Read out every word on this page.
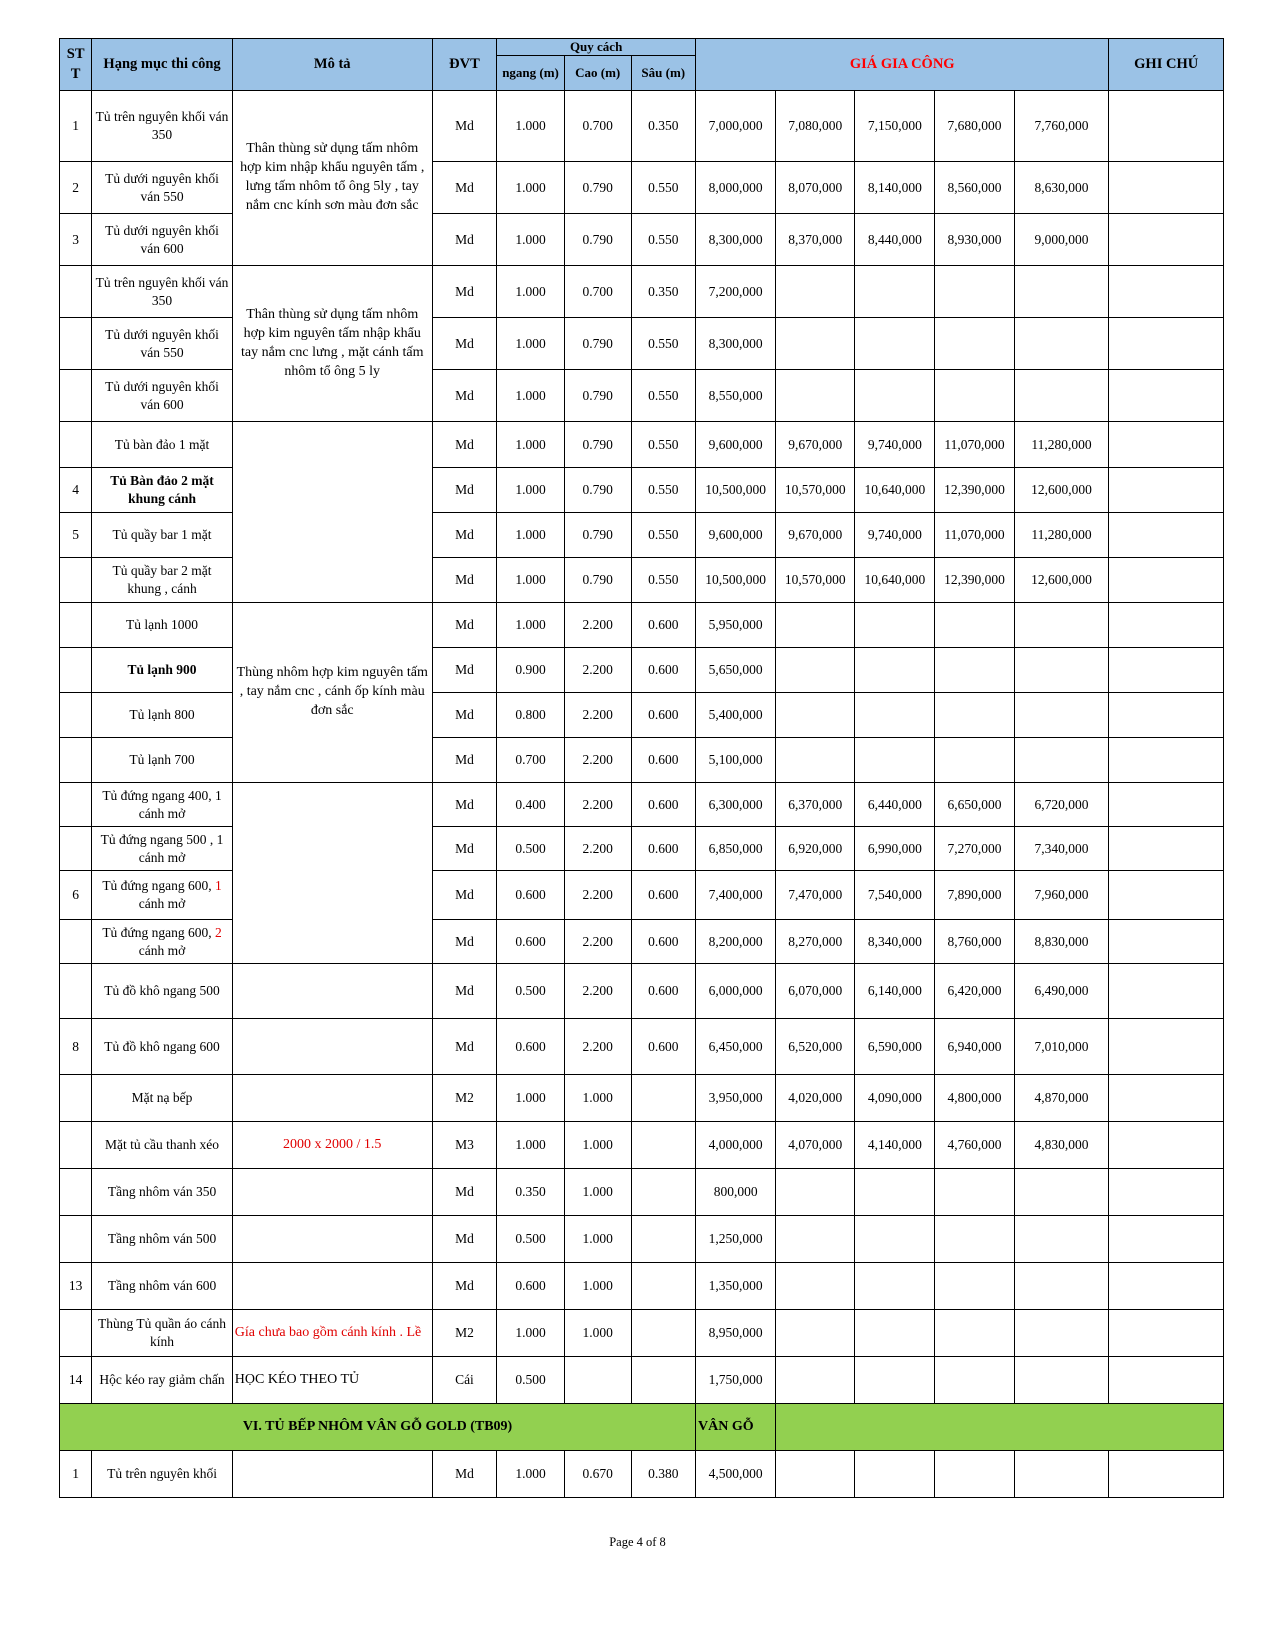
ST T	Hạng mục thi công	Mô tả	ĐVT	Quy cách			GIÁ GIA CÔNG					GHI CHÚ
				ngang (m)	Cao (m)	Sâu (m)						
1	Tủ trên nguyên khối ván 350	Thân thùng sử dụng tấm nhôm hợp kim nhập khẩu nguyên tấm , lưng tấm nhôm tổ ông 5ly , tay nắm cnc kính sơn màu đơn sắc	Md	1.000	0.700	0.350	7,000,000	7,080,000	7,150,000	7,680,000	7,760,000	
2	Tủ dưới nguyên khối ván 550		Md	1.000	0.790	0.550	8,000,000	8,070,000	8,140,000	8,560,000	8,630,000	
3	Tủ dưới nguyên khối ván 600		Md	1.000	0.790	0.550	8,300,000	8,370,000	8,440,000	8,930,000	9,000,000	
	Tủ trên nguyên khối ván 350	Thân thùng sử dụng tấm nhôm hợp kim nguyên tấm nhập khẩu tay nắm cnc lưng , mặt cánh tấm nhôm tổ ông 5 ly	Md	1.000	0.700	0.350	7,200,000					
	Tủ dưới nguyên khối ván 550		Md	1.000	0.790	0.550	8,300,000					
	Tủ dưới nguyên khối ván 600		Md	1.000	0.790	0.550	8,550,000					
	Tủ bàn đảo 1 mặt		Md	1.000	0.790	0.550	9,600,000	9,670,000	9,740,000	11,070,000	11,280,000	
4	Tủ Bàn đảo 2 mặt khung cánh		Md	1.000	0.790	0.550	10,500,000	10,570,000	10,640,000	12,390,000	12,600,000	
5	Tủ quầy bar 1 mặt		Md	1.000	0.790	0.550	9,600,000	9,670,000	9,740,000	11,070,000	11,280,000	
	Tủ quầy bar 2 mặt khung , cánh		Md	1.000	0.790	0.550	10,500,000	10,570,000	10,640,000	12,390,000	12,600,000	
	Tủ lạnh 1000	Thùng nhôm hợp kim nguyên tấm , tay nắm cnc , cánh ốp kính màu đơn sắc	Md	1.000	2.200	0.600	5,950,000					
	Tủ lạnh 900		Md	0.900	2.200	0.600	5,650,000					
	Tủ lạnh 800		Md	0.800	2.200	0.600	5,400,000					
	Tủ lạnh 700		Md	0.700	2.200	0.600	5,100,000					
	Tủ đứng ngang 400, 1 cánh mở		Md	0.400	2.200	0.600	6,300,000	6,370,000	6,440,000	6,650,000	6,720,000	
	Tủ đứng ngang 500 , 1 cánh mở		Md	0.500	2.200	0.600	6,850,000	6,920,000	6,990,000	7,270,000	7,340,000	
6	Tủ đứng ngang 600, 1
cánh mở		Md	0.600	2.200	0.600	7,400,000	7,470,000	7,540,000	7,890,000	7,960,000	
	Tủ đứng ngang 600, 2
cánh mở		Md	0.600	2.200	0.600	8,200,000	8,270,000	8,340,000	8,760,000	8,830,000	
	Tủ đồ khô ngang 500		Md	0.500	2.200	0.600	6,000,000	6,070,000	6,140,000	6,420,000	6,490,000	
8	Tủ đồ khô ngang 600		Md	0.600	2.200	0.600	6,450,000	6,520,000	6,590,000	6,940,000	7,010,000	
	Mặt nạ bếp		M2	1.000	1.000		3,950,000	4,020,000	4,090,000	4,800,000	4,870,000	
	Mặt tủ cầu thanh xéo	2000 x 2000 / 1.5	M3	1.000	1.000		4,000,000	4,070,000	4,140,000	4,760,000	4,830,000	
	Tầng nhôm ván 350		Md	0.350	1.000		800,000					
	Tầng nhôm ván 500		Md	0.500	1.000		1,250,000					
13	Tầng nhôm ván 600		Md	0.600	1.000		1,350,000					
	Thùng Tủ quần áo cánh kính	Gía chưa bao gồm cánh kính . Lề	M2	1.000	1.000		8,950,000					
14	Hộc kéo ray giảm chấn	HỌC KÉO THEO TỦ	Cái	0.500			1,750,000					
VI. TỦ BẾP NHÔM VÂN GỖ GOLD (TB09)							VÂN GỖ					
1	Tủ trên nguyên khối		Md	1.000	0.670	0.380	4,500,000					
Page 4 of 8
